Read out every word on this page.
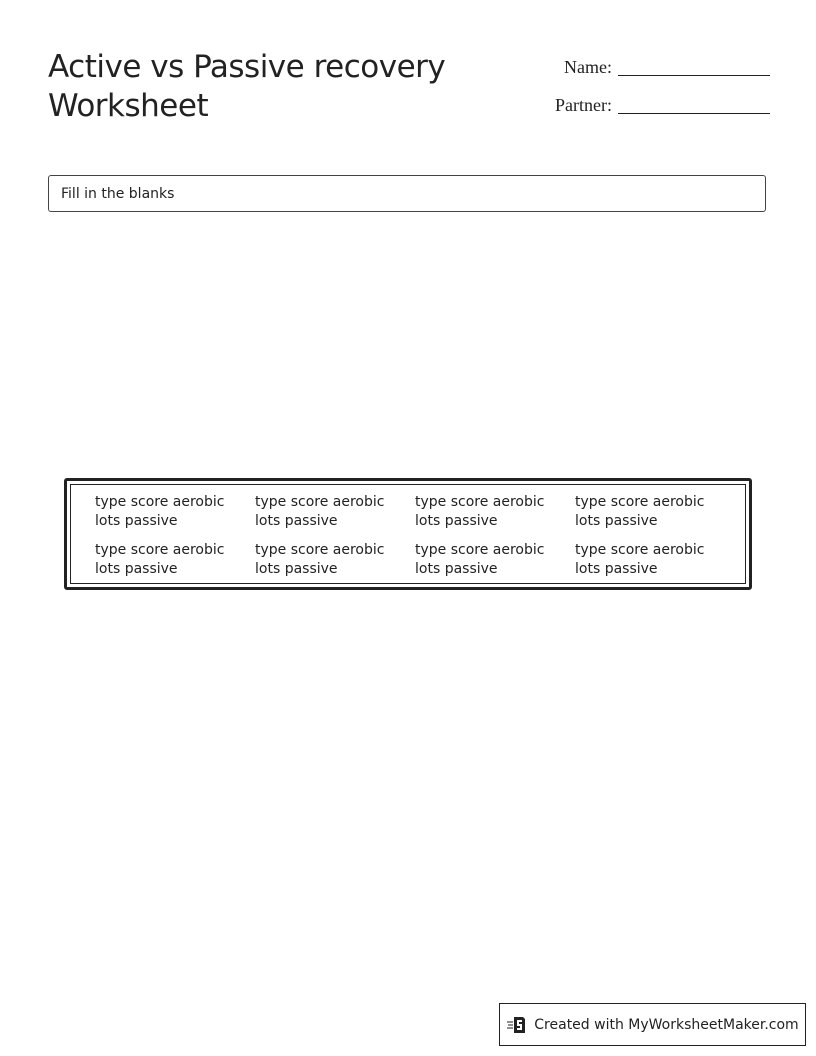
Active vs Passive recovery Worksheet
Name:
Partner:
Fill in the blanks
type score aerobic
lots passive
type score aerobic
lots passive
type score aerobic
lots passive
type score aerobic
lots passive
type score aerobic
lots passive
type score aerobic
lots passive
type score aerobic
lots passive
type score aerobic
lots passive
Created with MyWorksheetMaker.com
